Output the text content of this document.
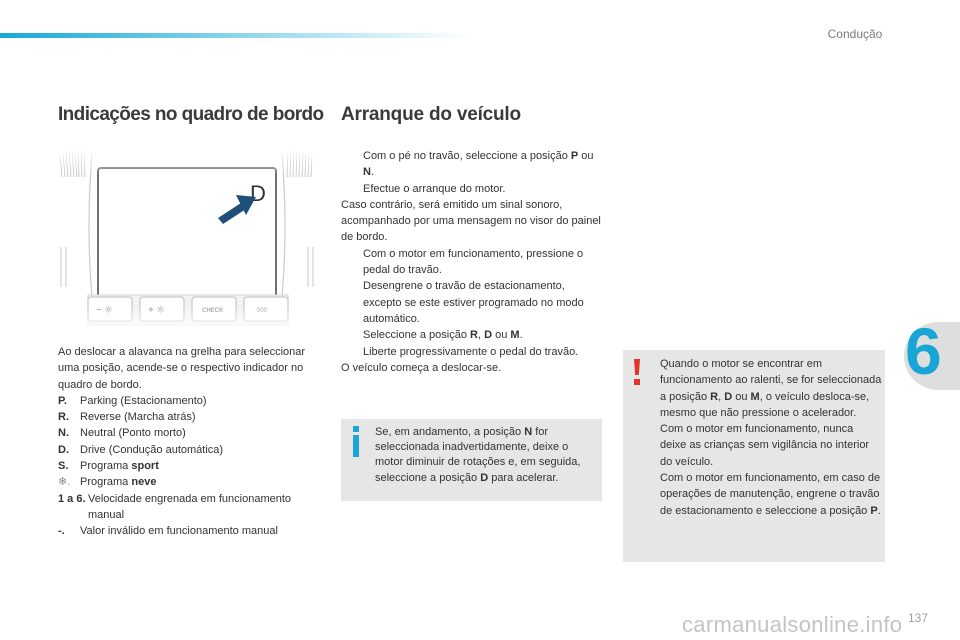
Condução
6
Indicações no quadro de bordo Arranque do veículo
Ao deslocar a alavanca na grelha para seleccionar uma posição, acende-se o respectivo indicador no quadro de bordo.
P.	Parking (Estacionamento)
R.	Reverse (Marcha atrás)
N.	Neutral (Ponto morto)
D.	Drive (Condução automática)
S.	Programa sport
❄. Programa neve
1 a 6. Velocidade engrenada em funcionamento manual
-.	Valor inválido em funcionamento manual
Com o pé no travão, seleccione a posição P ou N.
Efectue o arranque do motor.
Caso contrário, será emitido um sinal sonoro, acompanhado por uma mensagem no visor do painel de bordo.
Com o motor em funcionamento, pressione o pedal do travão.
Desengrene o travão de estacionamento, excepto se este estiver programado no modo automático.
Seleccione a posição R, D ou M.
Liberte progressivamente o pedal do travão.
O veículo começa a deslocar-se.
Se, em andamento, a posição N for seleccionada inadvertidamente, deixe o motor diminuir de rotações e, em seguida, seleccione a posição D para acelerar.
Quando o motor se encontrar em funcionamento ao ralenti, se for seleccionada a posição R, D ou M, o veículo desloca-se, mesmo que não pressione o acelerador.
Com o motor em funcionamento, nunca deixe as crianças sem vigilância no interior do veículo.
Com o motor em funcionamento, em caso de operações de manutenção, engrene o travão de estacionamento e seleccione a posição P.
carmanualsonline.info 137
